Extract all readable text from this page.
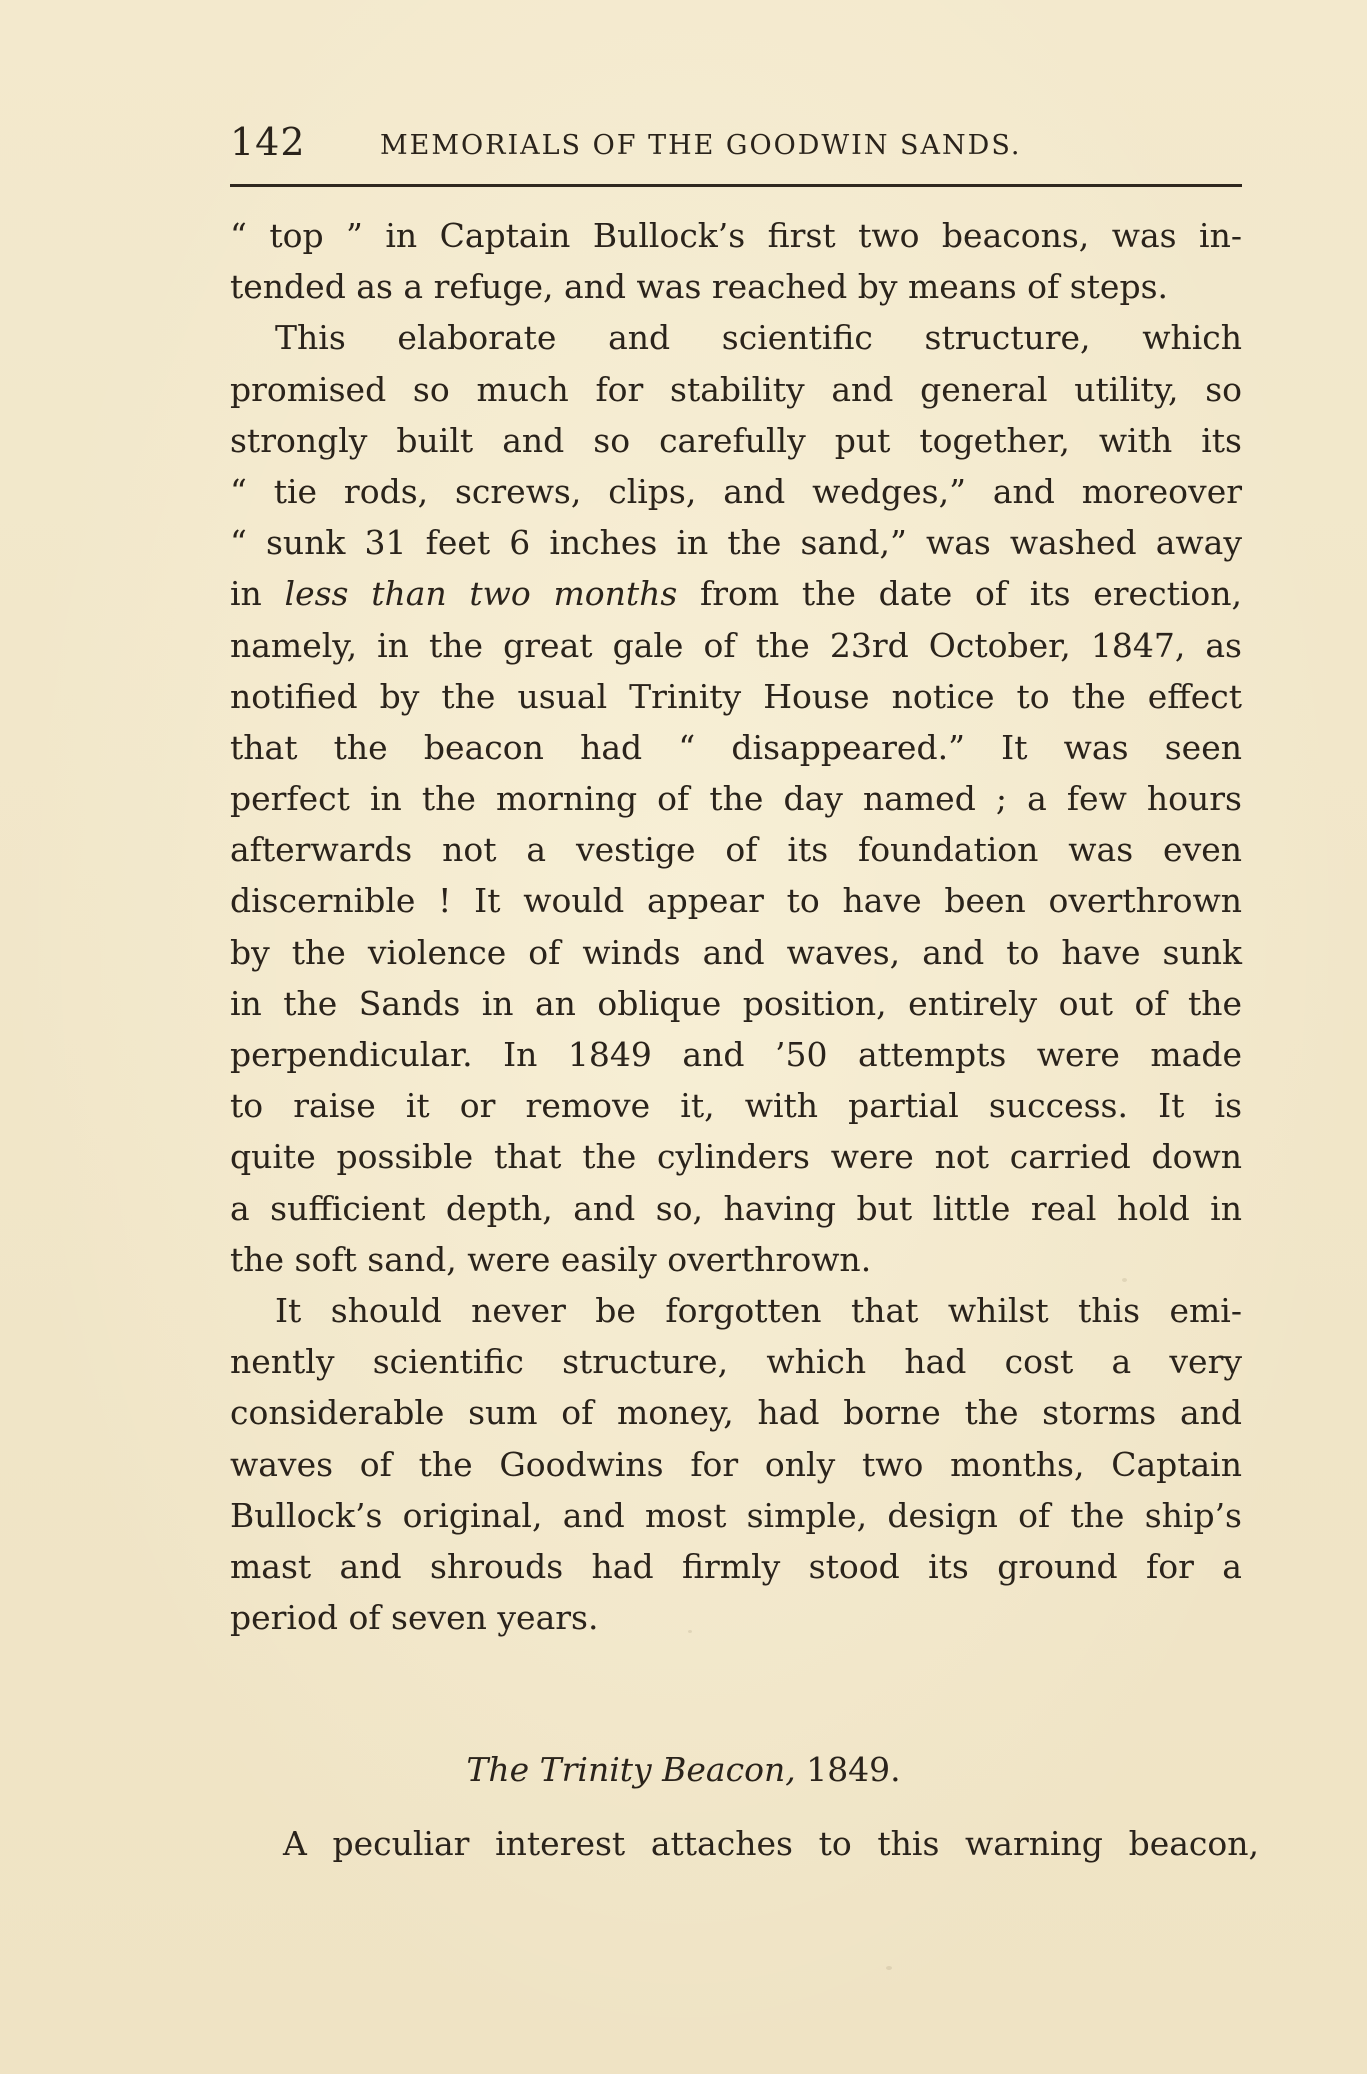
142	MEMORIALS OF THE GOODWIN SANDS.
“ top ” in Captain Bullock’s first two beacons, was in-
tended as a refuge, and was reached by means of steps.
This elaborate and scientific structure, which
promised so much for stability and general utility, so
strongly built and so carefully put together, with its
“ tie rods, screws, clips, and wedges,” and moreover
“ sunk 31 feet 6 inches in the sand,” was washed away
in less than two months from the date of its erection,
namely, in the great gale of the 23rd October, 1847, as
notified by the usual Trinity House notice to the effect
that the beacon had “ disappeared.” It was seen
perfect in the morning of the day named ; a few hours
afterwards not a vestige of its foundation was even
discernible ! It would appear to have been overthrown
by the violence of winds and waves, and to have sunk
in the Sands in an oblique position, entirely out of the
perpendicular. In 1849 and ’50 attempts were made
to raise it or remove it, with partial success. It is
quite possible that the cylinders were not carried down
a sufficient depth, and so, having but little real hold in
the soft sand, were easily overthrown.
It should never be forgotten that whilst this emi-
nently scientific structure, which had cost a very
considerable sum of money, had borne the storms and
waves of the Goodwins for only two months, Captain
Bullock’s original, and most simple, design of the ship’s
mast and shrouds had firmly stood its ground for a
period of seven years.
The Trinity Beacon, 1849.
A peculiar interest attaches to this warning beacon,
